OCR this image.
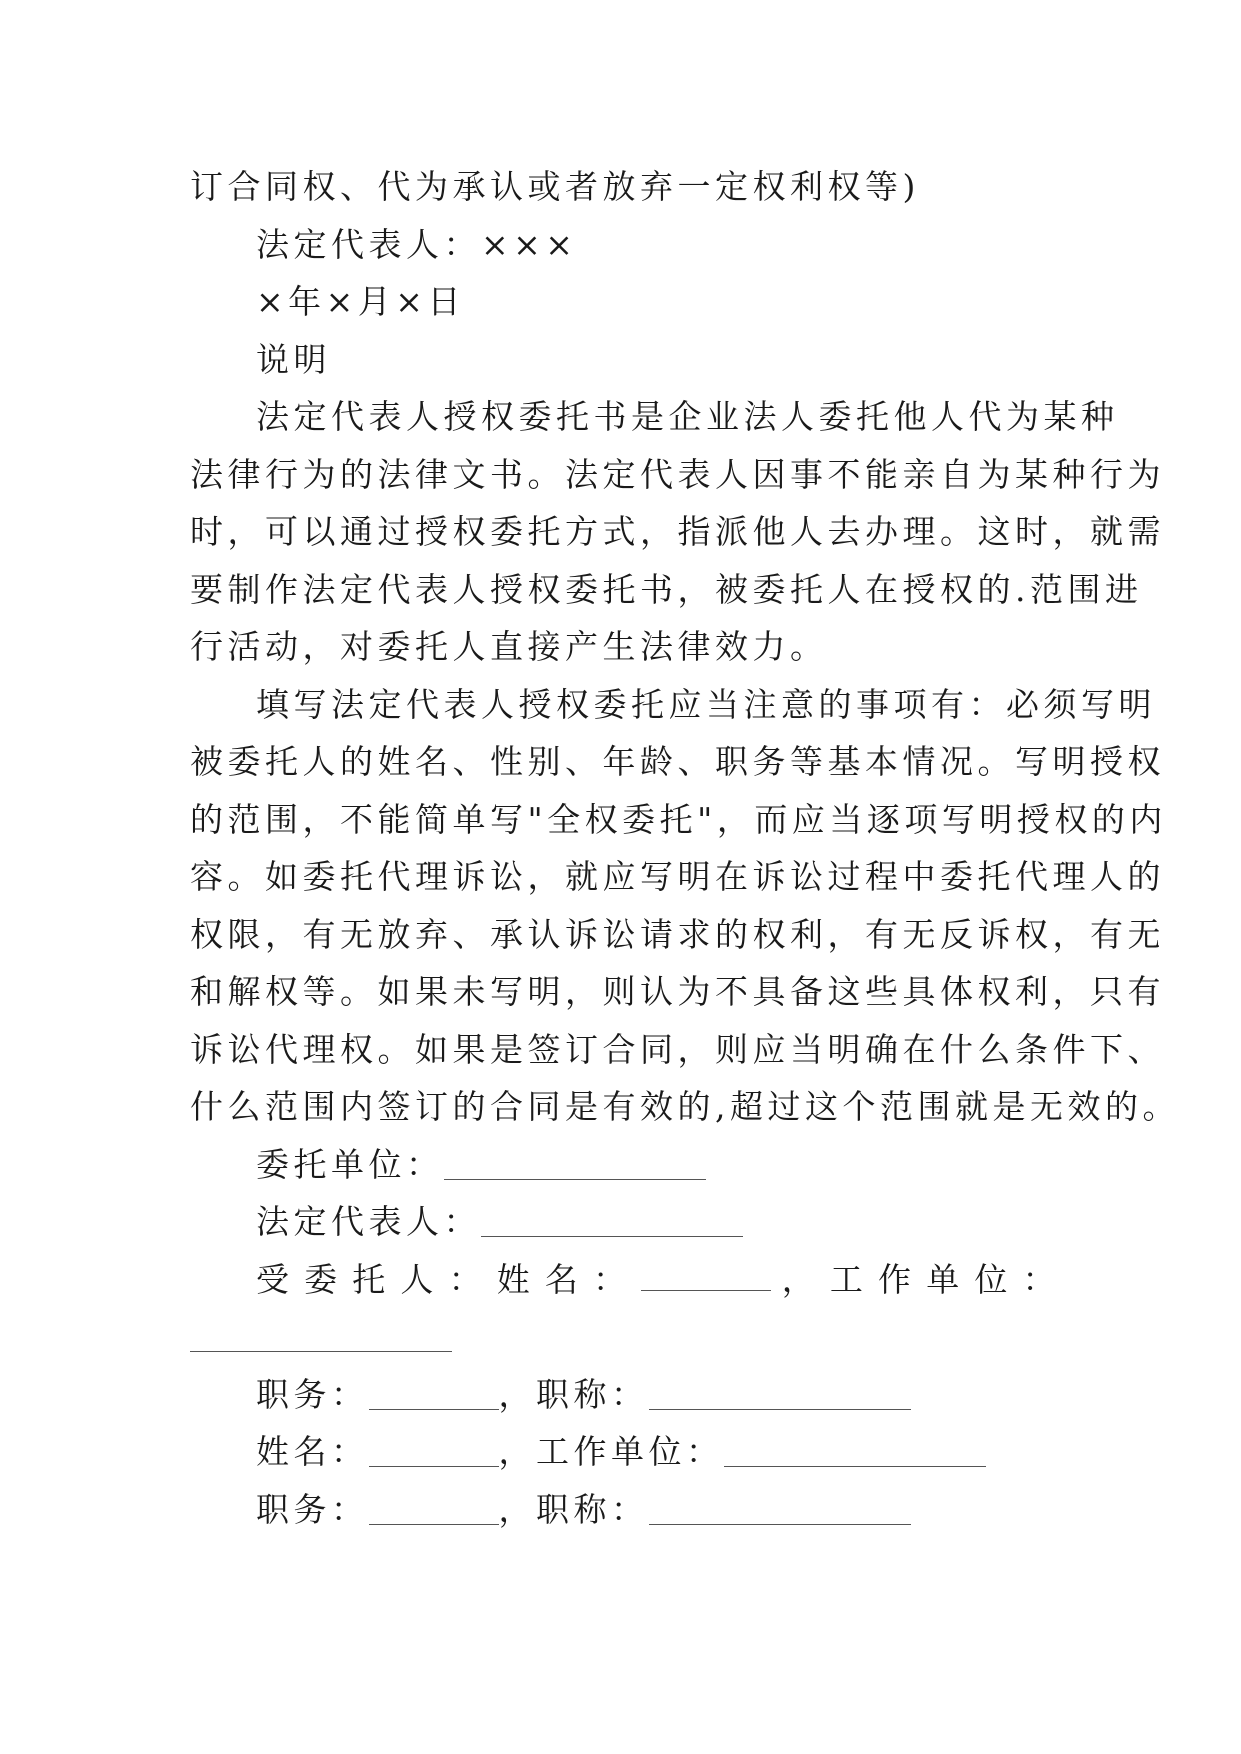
订合同权、代为承认或者放弃一定权利权等)
法定代表人：×××
×年×月×日
说明
法定代表人授权委托书是企业法人委托他人代为某种
法律行为的法律文书。法定代表人因事不能亲自为某种行为
时，可以通过授权委托方式，指派他人去办理。这时，就需
要制作法定代表人授权委托书，被委托人在授权的.范围进
行活动，对委托人直接产生法律效力。
填写法定代表人授权委托应当注意的事项有：必须写明
被委托人的姓名、性别、年龄、职务等基本情况。写明授权
的范围，不能简单写"全权委托"，而应当逐项写明授权的内
容。如委托代理诉讼，就应写明在诉讼过程中委托代理人的
权限，有无放弃、承认诉讼请求的权利，有无反诉权，有无
和解权等。如果未写明，则认为不具备这些具体权利，只有
诉讼代理权。如果是签订合同，则应当明确在什么条件下、
什么范围内签订的合同是有效的,超过这个范围就是无效的。
委托单位：
法定代表人：
受 委 托 人 ： 姓 名 ：	， 工 作 单 位 ：
职务：	，职称：
姓名：	，工作单位：
职务：	，职称：
